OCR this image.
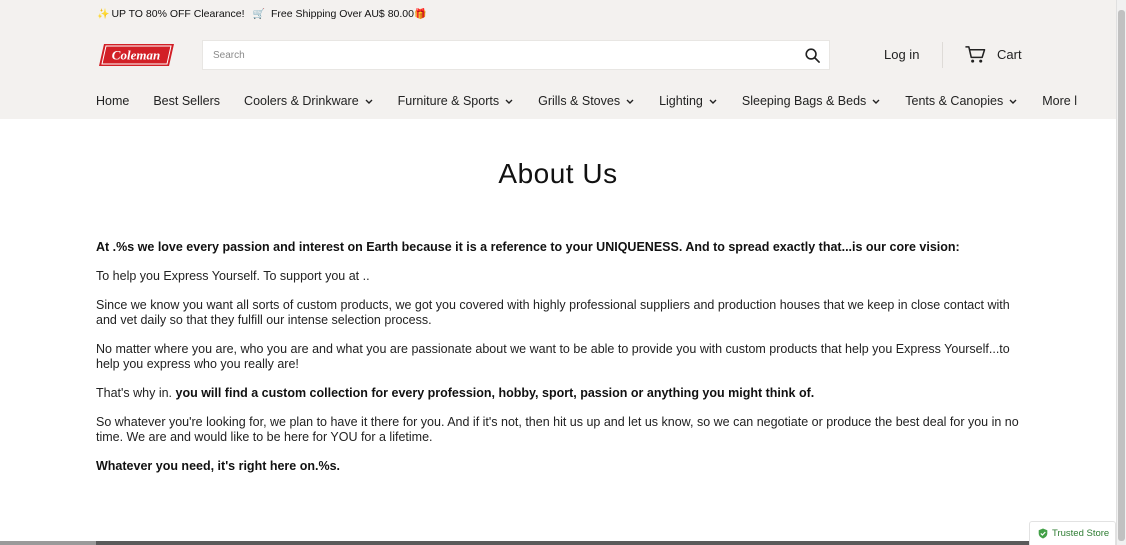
✨ UP TO 80% OFF Clearance! 🛒 Free Shipping Over AU$ 80.00 🎁
Coleman
Search	Log in	Cart
Home Best Sellers Coolers & Drinkware	Furniture & Sports	Grills & Stoves	Lighting	Sleeping Bags & Beds	Tents & Canopies	More l
About Us

At .%s we love every passion and interest on Earth because it is a reference to your UNIQUENESS. And to spread exactly that...is our core vision:

To help you Express Yourself. To support you at ..

Since we know you want all sorts of custom products, we got you covered with highly professional suppliers and production houses that we keep in close contact with and vet daily so that they fulfill our intense selection process.

No matter where you are, who you are and what you are passionate about we want to be able to provide you with custom products that help you Express Yourself...to help you express who you really are!

That's why in. you will find a custom collection for every profession, hobby, sport, passion or anything you might think of.

So whatever you're looking for, we plan to have it there for you. And if it's not, then hit us up and let us know, so we can negotiate or produce the best deal for you in no time. We are and would like to be here for YOU for a lifetime.

Whatever you need, it's right here on.%s.

Trusted Store
